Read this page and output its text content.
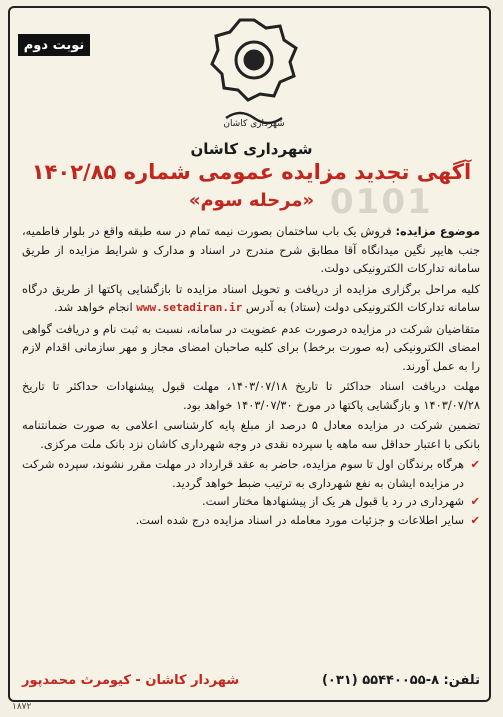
نوبت دوم
شهرداری کاشان
شهرداری کاشان
آگهی تجدید مزایده عمومی شماره ۱۴۰۲/۸۵
«مرحله سوم» 0101

موضوع مزایده: فروش یک باب ساختمان بصورت نیمه تمام در سه طبقه واقع در بلوار فاطمیه، جنب هایپر نگین میدانگاه آقا مطابق شرح مندرج در اسناد و مدارک و شرایط مزایده از طریق سامانه تدارکات الکترونیکی دولت.

کلیه مراحل برگزاری مزایده از دریافت و تحویل اسناد مزایده تا بازگشایی پاکتها از طریق درگاه سامانه تدارکات الکترونیکی دولت (ستاد) به آدرس www.setadiran.ir انجام خواهد شد.

متقاضیان شرکت در مزایده درصورت عدم عضویت در سامانه، نسبت به ثبت نام و دریافت گواهی امضای الکترونیکی (به صورت برخط) برای کلیه صاحبان امضای مجاز و مهر سازمانی اقدام لازم را به عمل آورند.

مهلت دریافت اسناد حداکثر تا تاریخ ۱۴۰۳/۰۷/۱۸، مهلت قبول پیشنهادات حداکثر تا تاریخ ۱۴۰۳/۰۷/۲۸ و بازگشایی پاکتها در مورخ ۱۴۰۳/۰۷/۳۰ خواهد بود.

تضمین شرکت در مزایده معادل ۵ درصد از مبلغ پایه کارشناسی اعلامی به صورت ضمانتنامه بانکی با اعتبار حداقل سه ماهه یا سپرده نقدی در وجه شهرداری کاشان نزد بانک ملت مرکزی.

✔
هرگاه برندگان اول تا سوم مزایده، حاضر به عقد قرارداد در مهلت مقرر نشوند، سپرده شرکت در مزایده ایشان به نفع شهرداری به ترتیب ضبط خواهد گردید.
✔
شهرداری در رد یا قبول هر یک از پیشنهادها مختار است.
✔
سایر اطلاعات و جزئیات مورد معامله در اسناد مزایده درج شده است.
تلفن: ۸-۵۵۴۴۰۰۵۵ (۰۳۱)
شهردار کاشان - کیومرث محمدپور
۱۸۷۲
